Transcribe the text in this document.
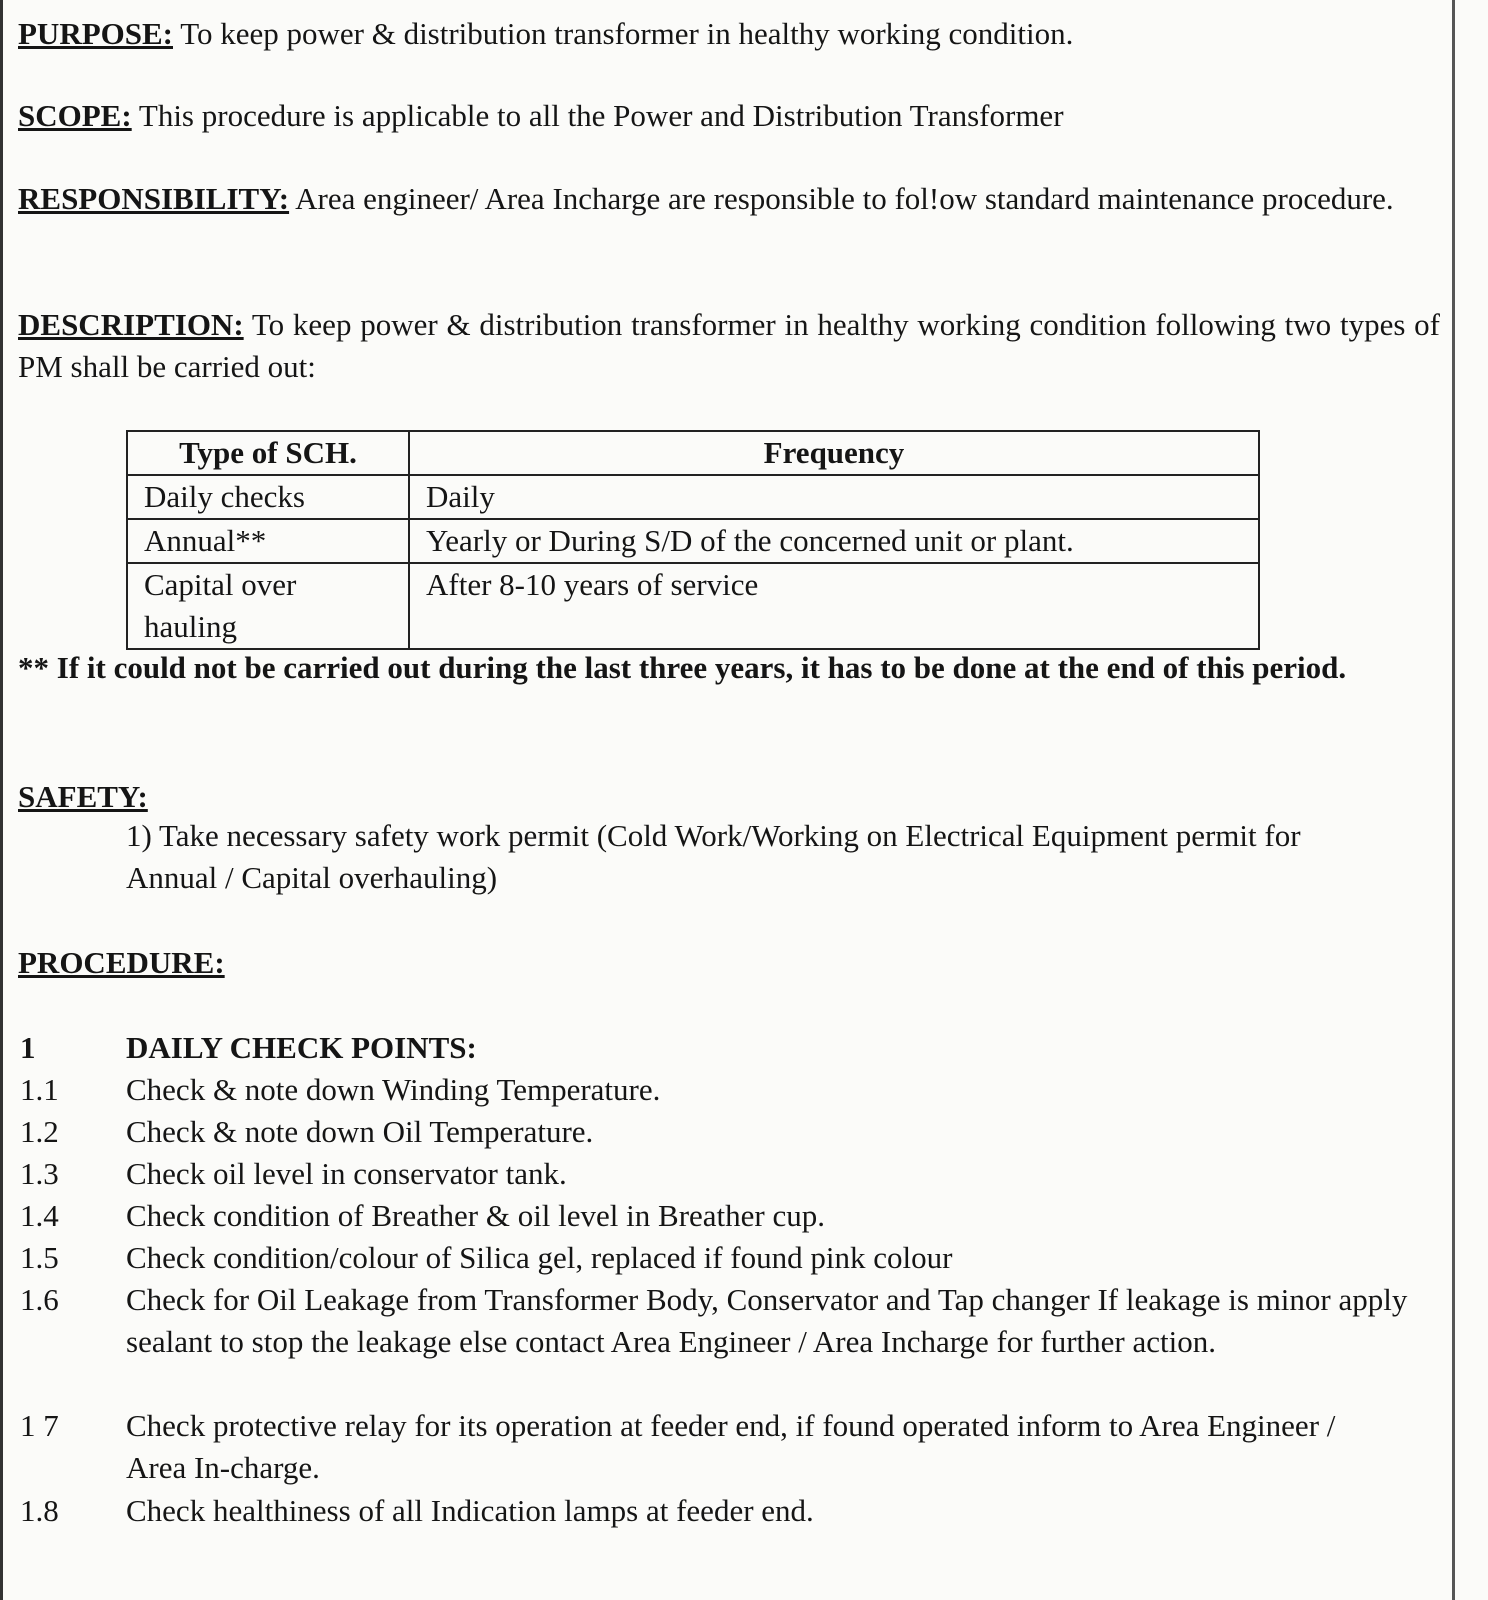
PURPOSE: To keep power & distribution transformer in healthy working condition.
SCOPE: This procedure is applicable to all the Power and Distribution Transformer
RESPONSIBILITY: Area engineer/ Area Incharge are responsible to fol!ow standard maintenance procedure.
DESCRIPTION: To keep power & distribution transformer in healthy working condition following two types of PM shall be carried out:
Type of SCH.	Frequency
Daily checks	Daily
Annual**	Yearly or During S/D of the concerned unit or plant.
Capital over hauling	After 8-10 years of service
** If it could not be carried out during the last three years, it has to be done at the end of this period.
SAFETY:
1) Take necessary safety work permit (Cold Work/Working on Electrical Equipment permit for Annual / Capital overhauling)
PROCEDURE:
1	DAILY CHECK POINTS:
1.1 Check & note down Winding Temperature.
1.2 Check & note down Oil Temperature.
1.3 Check oil level in conservator tank.
1.4 Check condition of Breather & oil level in Breather cup.
1.5 Check condition/colour of Silica gel, replaced if found pink colour
1.6 Check for Oil Leakage from Transformer Body, Conservator and Tap changer If leakage is minor apply sealant to stop the leakage else contact Area Engineer / Area Incharge for further action.
1 7 Check protective relay for its operation at feeder end, if found operated inform to Area Engineer / Area In-charge.
1.8 Check healthiness of all Indication lamps at feeder end.
